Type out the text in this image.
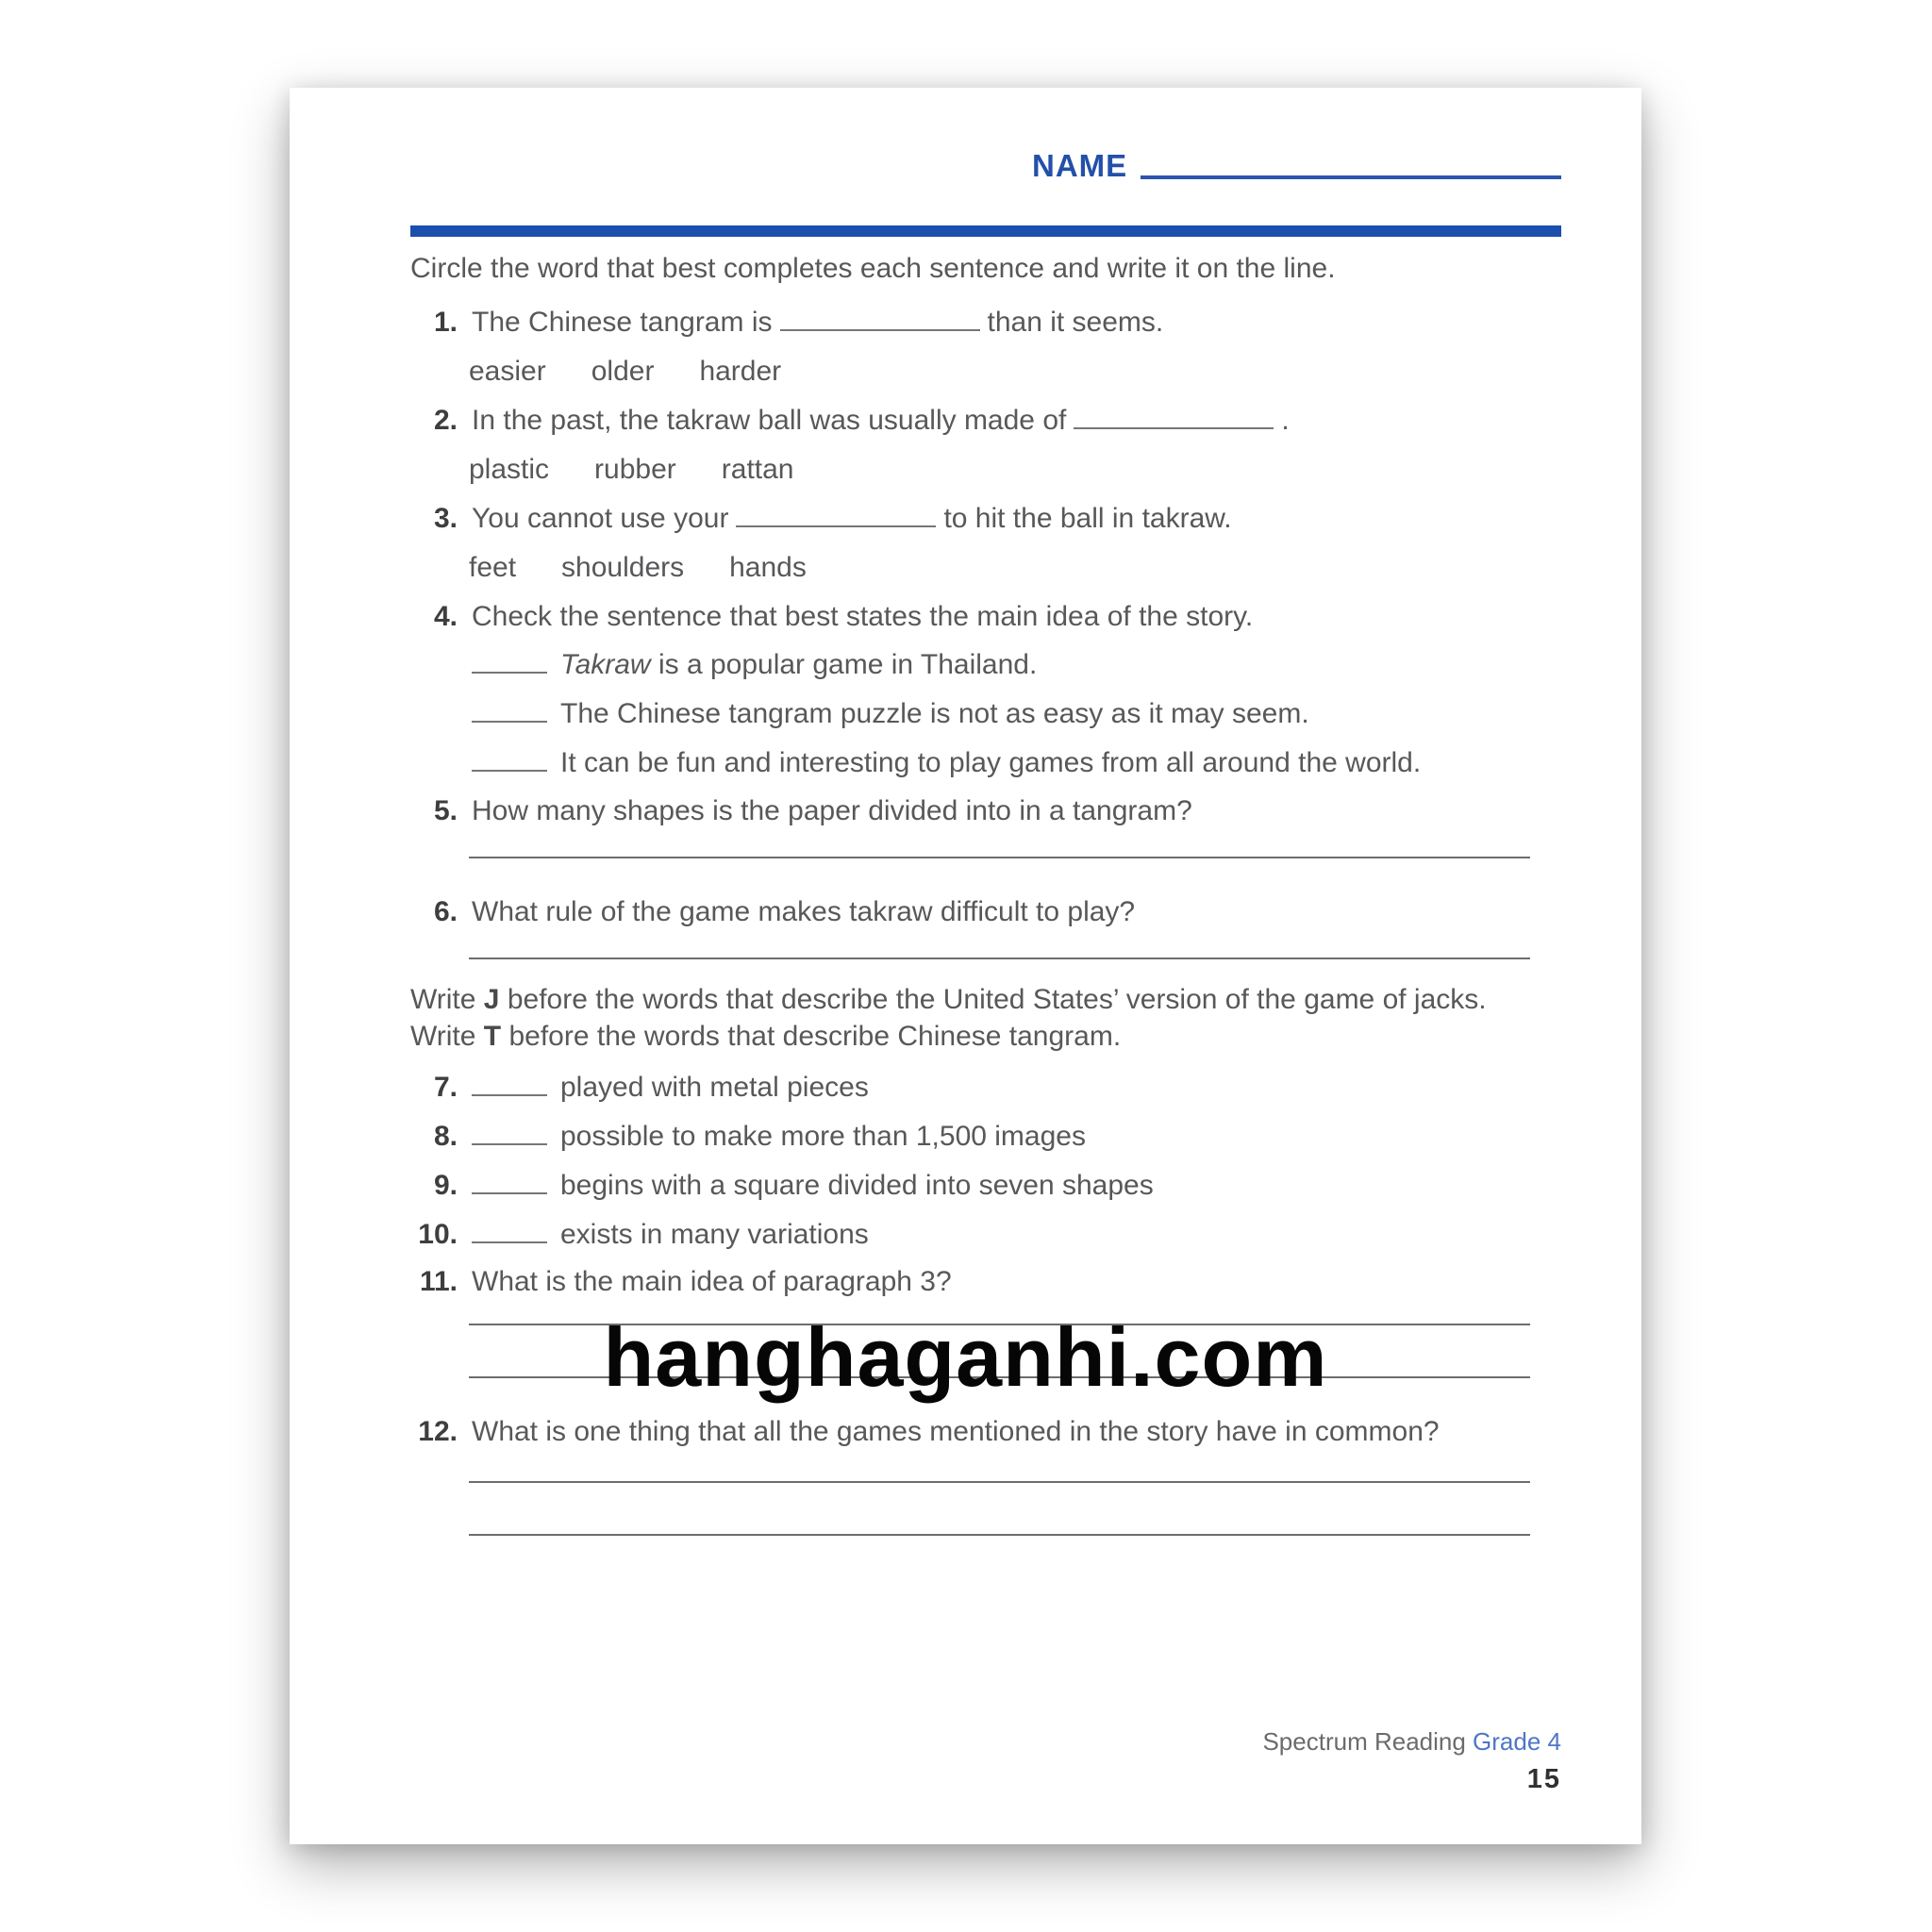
NAME
Circle the word that best completes each sentence and write it on the line.
1. The Chinese tangram is	than it seems.
easier older harder
2. In the past, the takraw ball was usually made of	.
plastic rubber rattan
3. You cannot use your	to hit the ball in takraw.
feet shoulders hands
4. Check the sentence that best states the main idea of the story.
Takraw is a popular game in Thailand.
The Chinese tangram puzzle is not as easy as it may seem.
It can be fun and interesting to play games from all around the world.
5. How many shapes is the paper divided into in a tangram?
6. What rule of the game makes takraw difficult to play?
Write J before the words that describe the United States’ version of the game of jacks.
Write T before the words that describe Chinese tangram.
7.	played with metal pieces
8.	possible to make more than 1,500 images
9.	begins with a square divided into seven shapes
10.	exists in many variations
11. What is the main idea of paragraph 3?
12. What is one thing that all the games mentioned in the story have in common?
hanghaganhi.com
Spectrum Reading Grade 4
15
